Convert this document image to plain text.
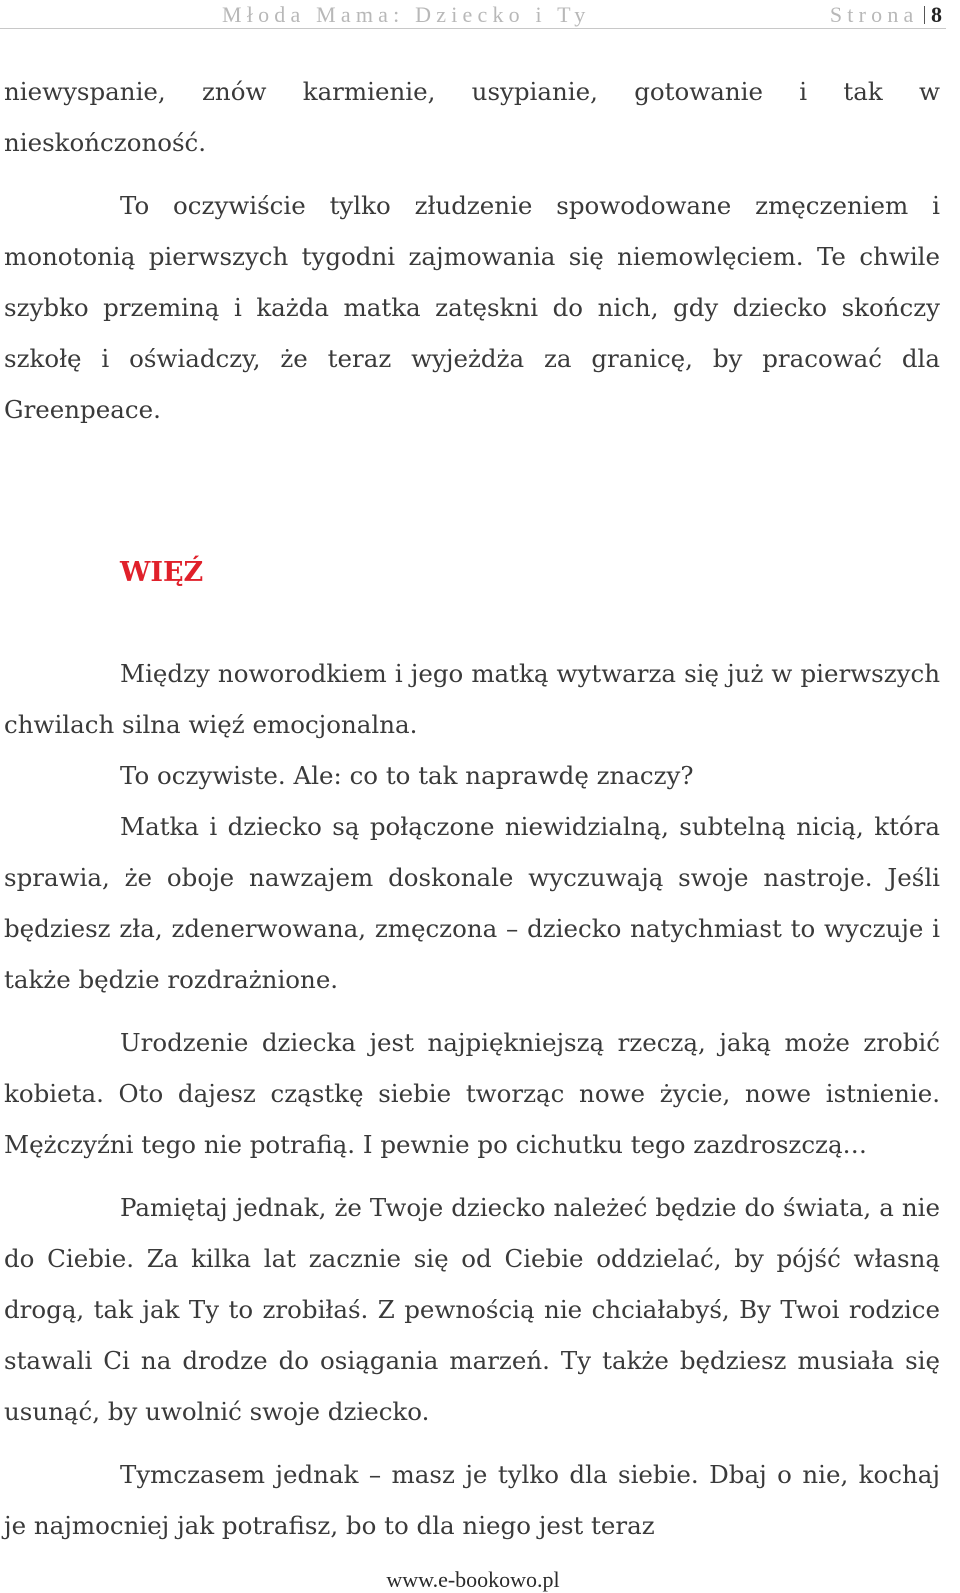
Młoda Mama: Dziecko i Ty	Strona 8

niewyspanie, znów karmienie, usypianie, gotowanie i tak w nieskończoność.

To oczywiście tylko złudzenie spowodowane zmęczeniem i monotonią pierwszych tygodni zajmowania się niemowlęciem. Te chwile szybko przeminą i każda matka zatęskni do nich, gdy dziecko skończy szkołę i oświadczy, że teraz wyjeżdża za granicę, by pracować dla Greenpeace.

WIĘŹ

Między noworodkiem i jego matką wytwarza się już w pierwszych chwilach silna więź emocjonalna.

To oczywiste. Ale: co to tak naprawdę znaczy?

Matka i dziecko są połączone niewidzialną, subtelną nicią, która sprawia, że oboje nawzajem doskonale wyczuwają swoje nastroje. Jeśli będziesz zła, zdenerwowana, zmęczona – dziecko natychmiast to wyczuje i także będzie rozdrażnione.

Urodzenie dziecka jest najpiękniejszą rzeczą, jaką może zrobić kobieta. Oto dajesz cząstkę siebie tworząc nowe życie, nowe istnienie. Mężczyźni tego nie potrafią. I pewnie po cichutku tego zazdroszczą…

Pamiętaj jednak, że Twoje dziecko należeć będzie do świata, a nie do Ciebie. Za kilka lat zacznie się od Ciebie oddzielać, by pójść własną drogą, tak jak Ty to zrobiłaś. Z pewnością nie chciałabyś, By Twoi rodzice stawali Ci na drodze do osiągania marzeń. Ty także będziesz musiała się usunąć, by uwolnić swoje dziecko.

Tymczasem jednak – masz je tylko dla siebie. Dbaj o nie, kochaj je najmocniej jak potrafisz, bo to dla niego jest teraz

www.e-bookowo.pl
